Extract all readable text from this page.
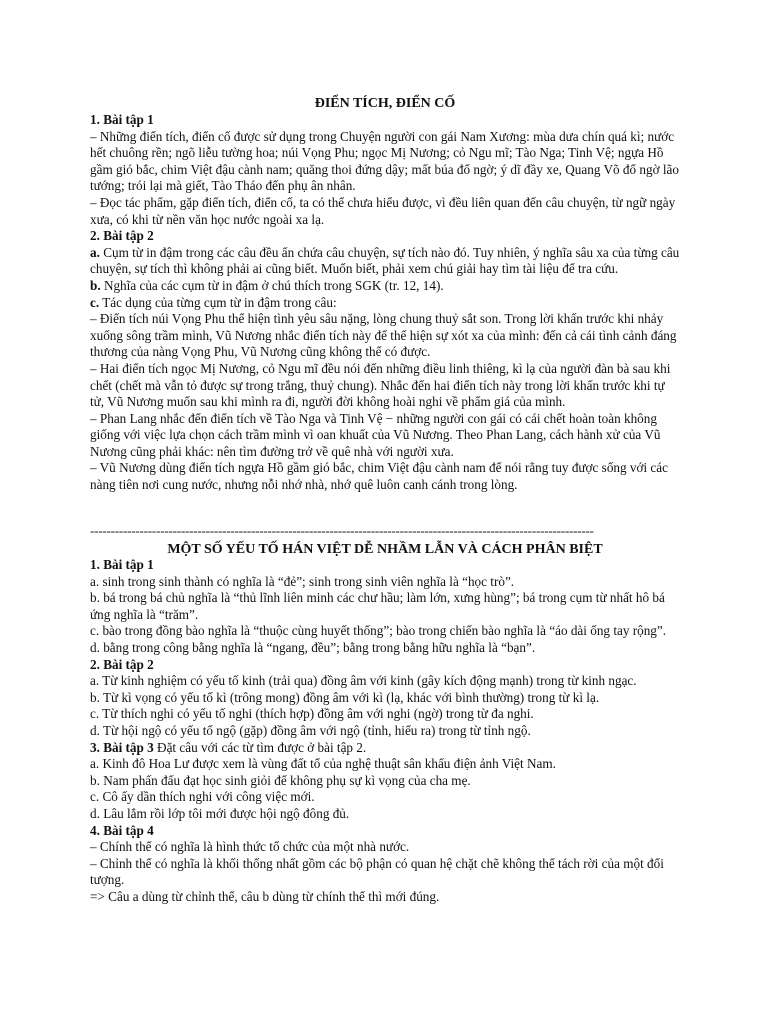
ĐIỂN TÍCH, ĐIỂN CỐ

1. Bài tập 1

– Những điển tích, điển cố được sử dụng trong Chuyện người con gái Nam Xương: mùa dưa chín quá kì; nước hết chuông rền; ngõ liễu tường hoa; núi Vọng Phu; ngọc Mị Nương; cỏ Ngu mĩ; Tào Nga; Tinh Vệ; ngựa Hồ gầm gió bắc, chim Việt đậu cành nam; quăng thoi đứng dậy; mất búa đổ ngờ; ý dĩ đầy xe, Quang Võ đổ ngờ lão tướng; trói lại mà giết, Tào Tháo đến phụ ân nhân.

– Đọc tác phẩm, gặp điển tích, điển cố, ta có thể chưa hiểu được, vì đều liên quan đến câu chuyện, từ ngữ ngày xưa, có khi từ nền văn học nước ngoài xa lạ.

2. Bài tập 2

a. Cụm từ in đậm trong các câu đều ẩn chứa câu chuyện, sự tích nào đó. Tuy nhiên, ý nghĩa sâu xa của từng câu chuyện, sự tích thì không phải ai cũng biết. Muốn biết, phải xem chú giải hay tìm tài liệu để tra cứu.

b. Nghĩa của các cụm từ in đậm ở chú thích trong SGK (tr. 12, 14).

c. Tác dụng của từng cụm từ in đậm trong câu:

– Điển tích núi Vọng Phu thể hiện tình yêu sâu nặng, lòng chung thuỷ sắt son. Trong lời khấn trước khi nhảy xuống sông trầm mình, Vũ Nương nhắc điển tích này để thể hiện sự xót xa của mình: đến cả cái tình cảnh đáng thương của nàng Vọng Phu, Vũ Nương cũng không thể có được.

– Hai điển tích ngọc Mị Nương, cỏ Ngu mĩ đều nói đến những điều linh thiêng, kì lạ của người đàn bà sau khi chết (chết mà vẫn tỏ được sự trong trắng, thuỷ chung). Nhắc đến hai điển tích này trong lời khấn trước khi tự tử, Vũ Nương muốn sau khi mình ra đi, người đời không hoài nghi về phẩm giá của mình.

– Phan Lang nhắc đến điển tích về Tào Nga và Tinh Vệ − những người con gái có cái chết hoàn toàn không giống với việc lựa chọn cách trầm mình vì oan khuất của Vũ Nương. Theo Phan Lang, cách hành xử của Vũ Nương cũng phải khác: nên tìm đường trở về quê nhà với người xưa.

– Vũ Nương dùng điển tích ngựa Hồ gầm gió bắc, chim Việt đậu cành nam để nói rằng tuy được sống với các nàng tiên nơi cung nước, nhưng nỗi nhớ nhà, nhớ quê luôn canh cánh trong lòng.

--------------------------------------------------------------------------------------------------------------------------
MỘT SỐ YẾU TỐ HÁN VIỆT DỄ NHẦM LẪN VÀ CÁCH PHÂN BIỆT

1. Bài tập 1

a. sinh trong sinh thành có nghĩa là “đẻ”; sinh trong sinh viên nghĩa là “học trò”.

b. bá trong bá chủ nghĩa là “thủ lĩnh liên minh các chư hầu; làm lớn, xưng hùng”; bá trong cụm từ nhất hô bá ứng nghĩa là “trăm”.

c. bào trong đồng bào nghĩa là “thuộc cùng huyết thống”; bào trong chiến bào nghĩa là “áo dài ống tay rộng”.

d. bằng trong công bằng nghĩa là “ngang, đều”; bằng trong bằng hữu nghĩa là “bạn”.

2. Bài tập 2

a. Từ kinh nghiệm có yếu tố kinh (trải qua) đồng âm với kinh (gây kích động mạnh) trong từ kinh ngạc.

b. Từ kì vọng có yếu tố kì (trông mong) đồng âm với kì (lạ, khác với bình thường) trong từ kì lạ.

c. Từ thích nghi có yếu tố nghi (thích hợp) đồng âm với nghi (ngờ) trong từ đa nghi.

d. Từ hội ngộ có yếu tố ngộ (gặp) đồng âm với ngộ (tỉnh, hiểu ra) trong từ tỉnh ngộ.

3. Bài tập 3 Đặt câu với các từ tìm được ở bài tập 2.

a. Kinh đô Hoa Lư được xem là vùng đất tổ của nghệ thuật sân khấu điện ảnh Việt Nam.

b. Nam phấn đấu đạt học sinh giỏi để không phụ sự kì vọng của cha mẹ.

c. Cô ấy dần thích nghi với công việc mới.

d. Lâu lắm rồi lớp tôi mới được hội ngộ đông đủ.

4. Bài tập 4

– Chính thể có nghĩa là hình thức tổ chức của một nhà nước.

– Chỉnh thể có nghĩa là khối thống nhất gồm các bộ phận có quan hệ chặt chẽ không thể tách rời của một đối tượng.

=> Câu a dùng từ chỉnh thể, câu b dùng từ chính thể thì mới đúng.
